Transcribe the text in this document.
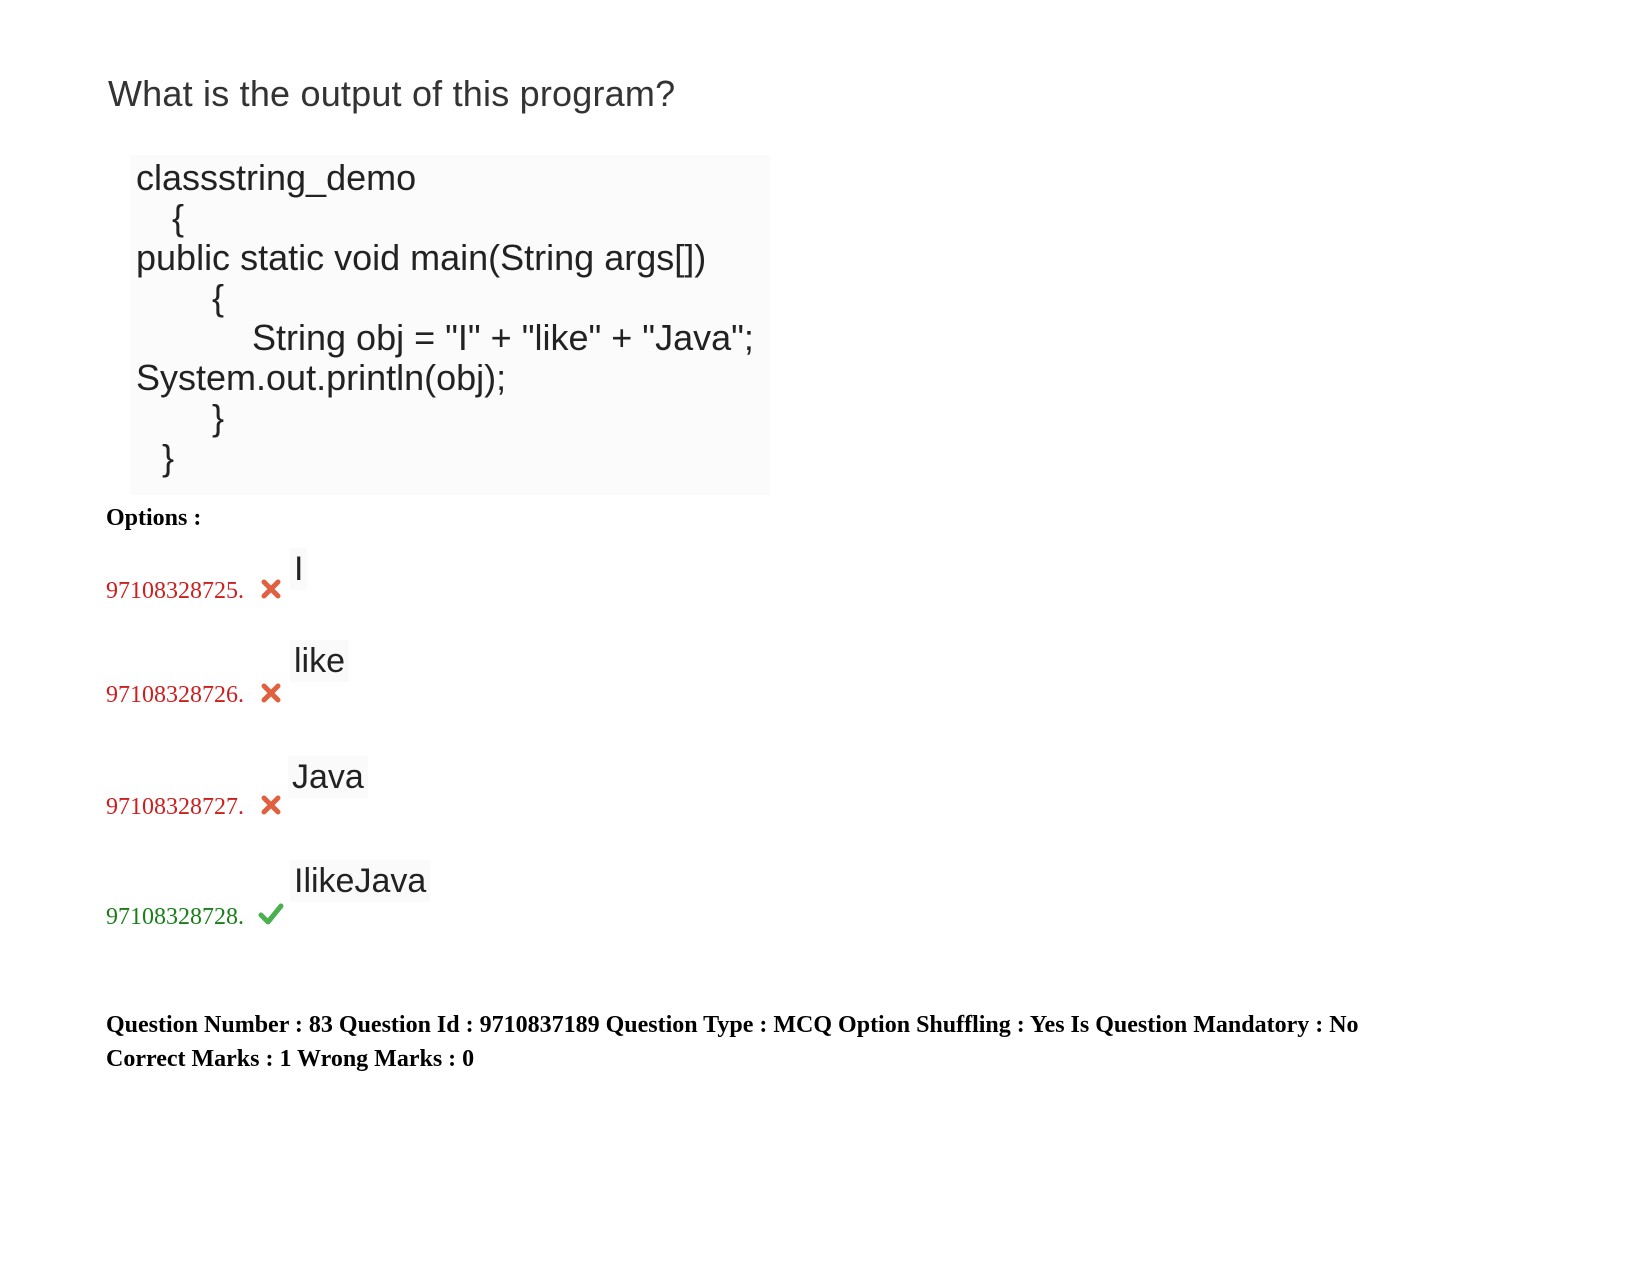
What is the output of this program?
classstring_demo
{
public static void main(String args[])
{
String obj = "I" + "like" + "Java";
System.out.println(obj);
}
}
Options :
97108328725.
I
97108328726.
like
97108328727.
Java
97108328728.
IlikeJava
Question Number : 83 Question Id : 9710837189 Question Type : MCQ Option Shuffling : Yes Is Question Mandatory : No
Correct Marks : 1 Wrong Marks : 0
